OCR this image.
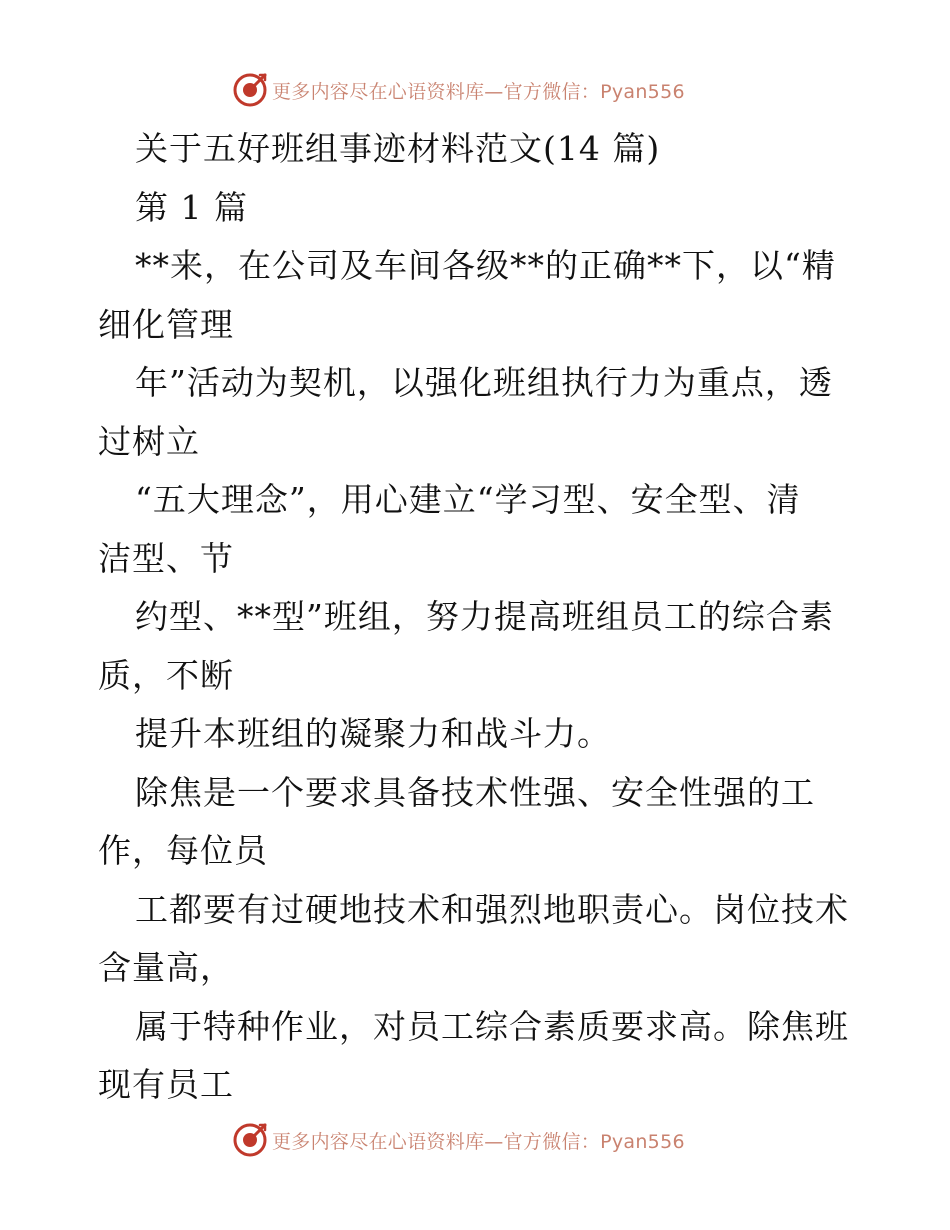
更多内容尽在心语资料库—官方微信：Pyan556
关于五好班组事迹材料范文(14 篇)
第 1 篇
**来，在公司及车间各级**的正确**下，以“精
细化管理
年”活动为契机，以强化班组执行力为重点，透
过树立
“五大理念”，用心建立“学习型、安全型、清
洁型、节
约型、**型”班组，努力提高班组员工的综合素
质，不断
提升本班组的凝聚力和战斗力。
除焦是一个要求具备技术性强、安全性强的工
作，每位员
工都要有过硬地技术和强烈地职责心。岗位技术
含量高，
属于特种作业，对员工综合素质要求高。除焦班
现有员工
更多内容尽在心语资料库—官方微信：Pyan556
